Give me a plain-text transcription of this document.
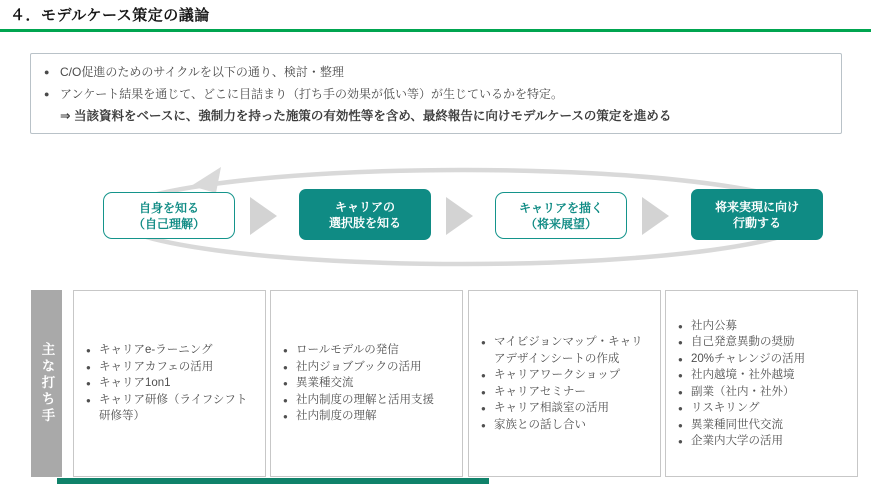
４．モデルケース策定の議論
● C/O促進のためのサイクルを以下の通り、検討・整理
● アンケート結果を通じて、どこに目詰まり（打ち手の効果が低い等）が生じているかを特定。
⇒ 当該資料をベースに、強制力を持った施策の有効性等を含め、最終報告に向けモデルケースの策定を進める
自身を知る
（自己理解）
キャリアの
選択肢を知る
キャリアを描く
（将来展望）
将来実現に向け
行動する
主な打ち手	● キャリアe-ラーニング
● キャリアカフェの活用
● キャリア1on1
● キャリア研修（ライフシフト研修等）
● ロールモデルの発信
● 社内ジョブブックの活用
● 異業種交流
● 社内制度の理解と活用支援
● 社内制度の理解
● マイビジョンマップ・キャリアデザインシートの作成
● キャリアワークショップ
● キャリアセミナー
● キャリア相談室の活用
● 家族との話し合い
● 社内公募
● 自己発意異動の奨励
● 20%チャレンジの活用
● 社内越境・社外越境
● 副業（社内・社外）
● リスキリング
● 異業種同世代交流
● 企業内大学の活用
